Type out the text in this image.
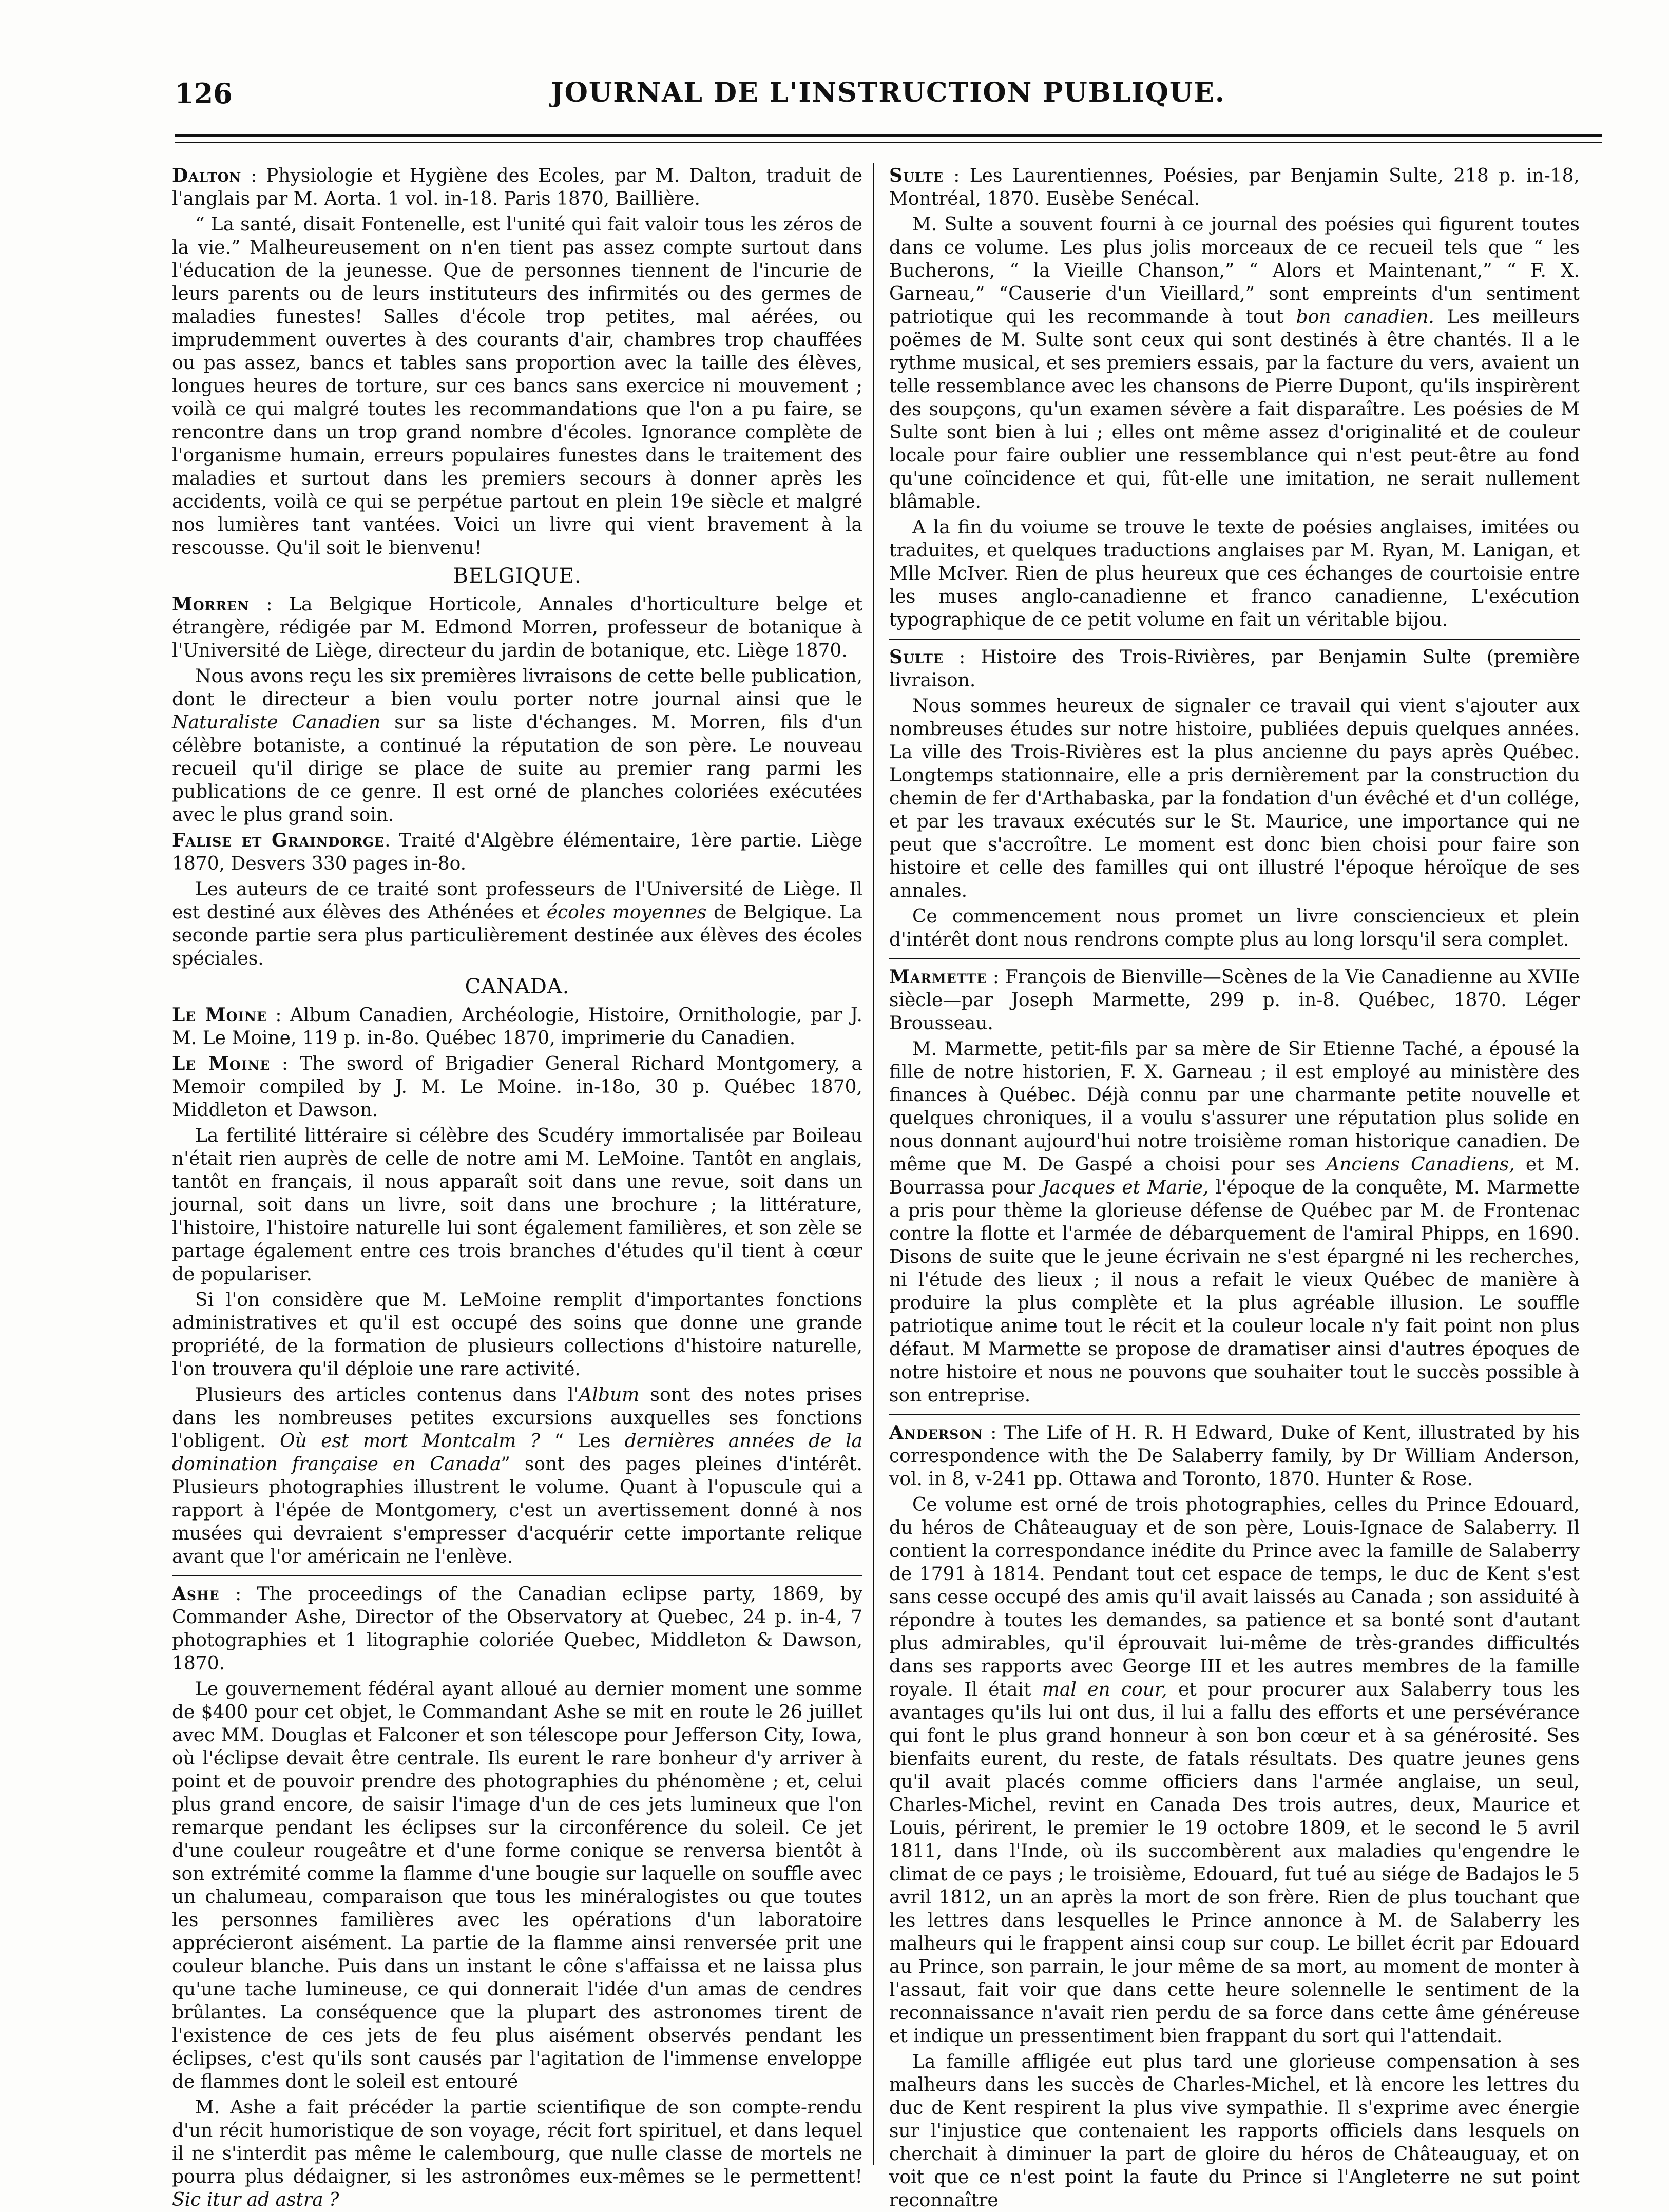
126	JOURNAL DE L'INSTRUCTION PUBLIQUE.

Dalton : Physiologie et Hygiène des Ecoles, par M. Dalton, traduit de l'anglais par M. Aorta. 1 vol. in-18. Paris 1870, Baillière.

“ La santé, disait Fontenelle, est l'unité qui fait valoir tous les zéros de la vie.” Malheureusement on n'en tient pas assez compte surtout dans l'éducation de la jeunesse. Que de personnes tiennent de l'incurie de leurs parents ou de leurs instituteurs des infirmités ou des germes de maladies funestes! Salles d'école trop petites, mal aérées, ou imprudemment ouvertes à des courants d'air, chambres trop chauffées ou pas assez, bancs et tables sans proportion avec la taille des élèves, longues heures de torture, sur ces bancs sans exercice ni mouvement ; voilà ce qui malgré toutes les recommandations que l'on a pu faire, se rencontre dans un trop grand nombre d'écoles. Ignorance complète de l'organisme humain, erreurs populaires funestes dans le traitement des maladies et surtout dans les premiers secours à donner après les accidents, voilà ce qui se perpétue partout en plein 19e siècle et malgré nos lumières tant vantées. Voici un livre qui vient bravement à la rescousse. Qu'il soit le bienvenu!

BELGIQUE.

Morren : La Belgique Horticole, Annales d'horticulture belge et étrangère, rédigée par M. Edmond Morren, professeur de botanique à l'Université de Liège, directeur du jardin de botanique, etc. Liège 1870.

Nous avons reçu les six premières livraisons de cette belle publication, dont le directeur a bien voulu porter notre journal ainsi que le Naturaliste Canadien sur sa liste d'échanges. M. Morren, fils d'un célèbre botaniste, a continué la réputation de son père. Le nouveau recueil qu'il dirige se place de suite au premier rang parmi les publications de ce genre. Il est orné de planches coloriées exécutées avec le plus grand soin.

Falise et Graindorge. Traité d'Algèbre élémentaire, 1ère partie. Liège 1870, Desvers 330 pages in-8o.

Les auteurs de ce traité sont professeurs de l'Université de Liège. Il est destiné aux élèves des Athénées et écoles moyennes de Belgique. La seconde partie sera plus particulièrement destinée aux élèves des écoles spéciales.

CANADA.

Le Moine : Album Canadien, Archéologie, Histoire, Ornithologie, par J. M. Le Moine, 119 p. in-8o. Québec 1870, imprimerie du Canadien.

Le Moine : The sword of Brigadier General Richard Montgomery, a Memoir compiled by J. M. Le Moine. in-18o, 30 p. Québec 1870, Middleton et Dawson.

La fertilité littéraire si célèbre des Scudéry immortalisée par Boileau n'était rien auprès de celle de notre ami M. LeMoine. Tantôt en anglais, tantôt en français, il nous apparaît soit dans une revue, soit dans un journal, soit dans un livre, soit dans une brochure ; la littérature, l'histoire, l'histoire naturelle lui sont également familières, et son zèle se partage également entre ces trois branches d'études qu'il tient à cœur de populariser.

Si l'on considère que M. LeMoine remplit d'importantes fonctions administratives et qu'il est occupé des soins que donne une grande propriété, de la formation de plusieurs collections d'histoire naturelle, l'on trouvera qu'il déploie une rare activité.

Plusieurs des articles contenus dans l'Album sont des notes prises dans les nombreuses petites excursions auxquelles ses fonctions l'obligent. Où est mort Montcalm ? “ Les dernières années de la domination française en Canada” sont des pages pleines d'intérêt. Plusieurs photographies illustrent le volume. Quant à l'opuscule qui a rapport à l'épée de Montgomery, c'est un avertissement donné à nos musées qui devraient s'empresser d'acquérir cette importante relique avant que l'or américain ne l'enlève.

Ashe : The proceedings of the Canadian eclipse party, 1869, by Commander Ashe, Director of the Observatory at Quebec, 24 p. in-4, 7 photographies et 1 litographie coloriée Quebec, Middleton & Dawson, 1870.

Le gouvernement fédéral ayant alloué au dernier moment une somme de $400 pour cet objet, le Commandant Ashe se mit en route le 26 juillet avec MM. Douglas et Falconer et son télescope pour Jefferson City, Iowa, où l'éclipse devait être centrale. Ils eurent le rare bonheur d'y arriver à point et de pouvoir prendre des photographies du phénomène ; et, celui plus grand encore, de saisir l'image d'un de ces jets lumineux que l'on remarque pendant les éclipses sur la circonférence du soleil. Ce jet d'une couleur rougeâtre et d'une forme conique se renversa bientôt à son extrémité comme la flamme d'une bougie sur laquelle on souffle avec un chalumeau, comparaison que tous les minéralogistes ou que toutes les personnes familières avec les opérations d'un laboratoire apprécieront aisément. La partie de la flamme ainsi renversée prit une couleur blanche. Puis dans un instant le cône s'affaissa et ne laissa plus qu'une tache lumineuse, ce qui donnerait l'idée d'un amas de cendres brûlantes. La conséquence que la plupart des astronomes tirent de l'existence de ces jets de feu plus aisément observés pendant les éclipses, c'est qu'ils sont causés par l'agitation de l'immense enveloppe de flammes dont le soleil est entouré

M. Ashe a fait précéder la partie scientifique de son compte-rendu d'un récit humoristique de son voyage, récit fort spirituel, et dans lequel il ne s'interdit pas même le calembourg, que nulle classe de mortels ne pourra plus dédaigner, si les astronômes eux-mêmes se le permettent! Sic itur ad astra ?

Sulte : Les Laurentiennes, Poésies, par Benjamin Sulte, 218 p. in-18, Montréal, 1870. Eusèbe Senécal.

M. Sulte a souvent fourni à ce journal des poésies qui figurent toutes dans ce volume. Les plus jolis morceaux de ce recueil tels que “ les Bucherons, “ la Vieille Chanson,” “ Alors et Maintenant,” “ F. X. Garneau,” “Causerie d'un Vieillard,” sont empreints d'un sentiment patriotique qui les recommande à tout bon canadien. Les meilleurs poëmes de M. Sulte sont ceux qui sont destinés à être chantés. Il a le rythme musical, et ses premiers essais, par la facture du vers, avaient un telle ressemblance avec les chansons de Pierre Dupont, qu'ils inspirèrent des soupçons, qu'un examen sévère a fait disparaître. Les poésies de M Sulte sont bien à lui ; elles ont même assez d'originalité et de couleur locale pour faire oublier une ressemblance qui n'est peut-être au fond qu'une coïncidence et qui, fût-elle une imitation, ne serait nullement blâmable.

A la fin du voiume se trouve le texte de poésies anglaises, imitées ou traduites, et quelques traductions anglaises par M. Ryan, M. Lanigan, et Mlle McIver. Rien de plus heureux que ces échanges de courtoisie entre les muses anglo-canadienne et franco canadienne, L'exécution typographique de ce petit volume en fait un véritable bijou.

Sulte : Histoire des Trois-Rivières, par Benjamin Sulte (première livraison.

Nous sommes heureux de signaler ce travail qui vient s'ajouter aux nombreuses études sur notre histoire, publiées depuis quelques années. La ville des Trois-Rivières est la plus ancienne du pays après Québec. Longtemps stationnaire, elle a pris dernièrement par la construction du chemin de fer d'Arthabaska, par la fondation d'un évêché et d'un collége, et par les travaux exécutés sur le St. Maurice, une importance qui ne peut que s'accroître. Le moment est donc bien choisi pour faire son histoire et celle des familles qui ont illustré l'époque héroïque de ses annales.

Ce commencement nous promet un livre consciencieux et plein d'intérêt dont nous rendrons compte plus au long lorsqu'il sera complet.

Marmette : François de Bienville—Scènes de la Vie Canadienne au XVIIe siècle—par Joseph Marmette, 299 p. in-8. Québec, 1870. Léger Brousseau.

M. Marmette, petit-fils par sa mère de Sir Etienne Taché, a épousé la fille de notre historien, F. X. Garneau ; il est employé au ministère des finances à Québec. Déjà connu par une charmante petite nouvelle et quelques chroniques, il a voulu s'assurer une réputation plus solide en nous donnant aujourd'hui notre troisième roman historique canadien. De même que M. De Gaspé a choisi pour ses Anciens Canadiens, et M. Bourrassa pour Jacques et Marie, l'époque de la conquête, M. Marmette a pris pour thème la glorieuse défense de Québec par M. de Frontenac contre la flotte et l'armée de débarquement de l'amiral Phipps, en 1690. Disons de suite que le jeune écrivain ne s'est épargné ni les recherches, ni l'étude des lieux ; il nous a refait le vieux Québec de manière à produire la plus complète et la plus agréable illusion. Le souffle patriotique anime tout le récit et la couleur locale n'y fait point non plus défaut. M Marmette se propose de dramatiser ainsi d'autres époques de notre histoire et nous ne pouvons que souhaiter tout le succès possible à son entreprise.

Anderson : The Life of H. R. H Edward, Duke of Kent, illustrated by his correspondence with the De Salaberry family, by Dr William Anderson, vol. in 8, v-241 pp. Ottawa and Toronto, 1870. Hunter & Rose.

Ce volume est orné de trois photographies, celles du Prince Edouard, du héros de Châteauguay et de son père, Louis-Ignace de Salaberry. Il contient la correspondance inédite du Prince avec la famille de Salaberry de 1791 à 1814. Pendant tout cet espace de temps, le duc de Kent s'est sans cesse occupé des amis qu'il avait laissés au Canada ; son assiduité à répondre à toutes les demandes, sa patience et sa bonté sont d'autant plus admirables, qu'il éprouvait lui-même de très-grandes difficultés dans ses rapports avec George III et les autres membres de la famille royale. Il était mal en cour, et pour procurer aux Salaberry tous les avantages qu'ils lui ont dus, il lui a fallu des efforts et une persévérance qui font le plus grand honneur à son bon cœur et à sa générosité. Ses bienfaits eurent, du reste, de fatals résultats. Des quatre jeunes gens qu'il avait placés comme officiers dans l'armée anglaise, un seul, Charles-Michel, revint en Canada Des trois autres, deux, Maurice et Louis, périrent, le premier le 19 octobre 1809, et le second le 5 avril 1811, dans l'Inde, où ils succombèrent aux maladies qu'engendre le climat de ce pays ; le troisième, Edouard, fut tué au siége de Badajos le 5 avril 1812, un an après la mort de son frère. Rien de plus touchant que les lettres dans lesquelles le Prince annonce à M. de Salaberry les malheurs qui le frappent ainsi coup sur coup. Le billet écrit par Edouard au Prince, son parrain, le jour même de sa mort, au moment de monter à l'assaut, fait voir que dans cette heure solennelle le sentiment de la reconnaissance n'avait rien perdu de sa force dans cette âme généreuse et indique un pressentiment bien frappant du sort qui l'attendait.

La famille affligée eut plus tard une glorieuse compensation à ses malheurs dans les succès de Charles-Michel, et là encore les lettres du duc de Kent respirent la plus vive sympathie. Il s'exprime avec énergie sur l'injustice que contenaient les rapports officiels dans lesquels on cherchait à diminuer la part de gloire du héros de Châteauguay, et on voit que ce n'est point la faute du Prince si l'Angleterre ne sut point reconnaître
